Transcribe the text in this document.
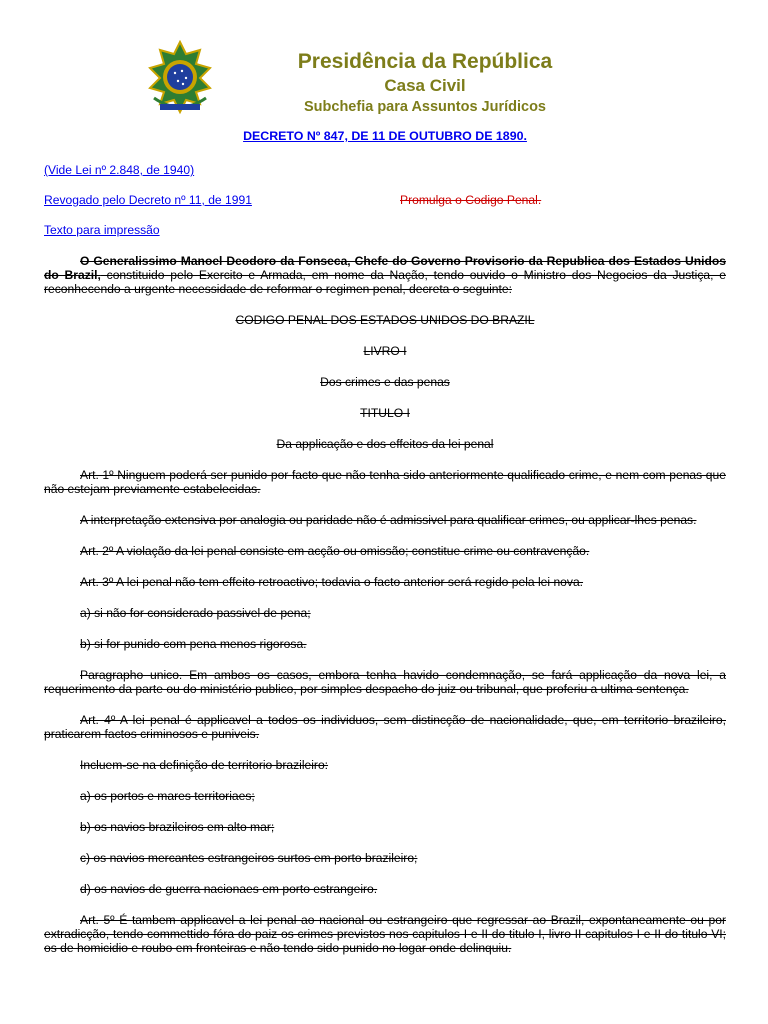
Presidência da República
Casa Civil
Subchefia para Assuntos Jurídicos
DECRETO Nº 847, DE 11 DE OUTUBRO DE 1890.
(Vide Lei nº 2.848, de 1940)
Revogado pelo Decreto nº 11, de 1991	Promulga o Codigo Penal.
Texto para impressão

O Generalissimo Manoel Deodoro da Fonseca, Chefe do Governo Provisorio da Republica dos Estados Unidos do Brazil, constituido pelo Exercito e Armada, em nome da Nação, tendo ouvido o Ministro dos Negocios da Justiça, e reconhecendo a urgente necessidade de reformar o regimen penal, decreta o seguinte:

CODIGO PENAL DOS ESTADOS UNIDOS DO BRAZIL

LIVRO I

Dos crimes e das penas

TITULO I

Da applicação e dos effeitos da lei penal

Art. 1º Ninguem poderá ser punido por facto que não tenha sido anteriormente qualificado crime, e nem com penas que não estejam previamente estabelecidas.

A interpretação extensiva por analogia ou paridade não é admissivel para qualificar crimes, ou applicar-lhes penas.

Art. 2º A violação da lei penal consiste em acção ou omissão; constitue crime ou contravenção.

Art. 3º A lei penal não tem effeito retroactivo; todavia o facto anterior será regido pela lei nova.

a) si não for considerado passivel de pena;

b) si for punido com pena menos rigorosa.

Paragrapho unico. Em ambos os casos, embora tenha havido condemnação, se fará applicação da nova lei, a requerimento da parte ou do ministério publico, por simples despacho do juiz ou tribunal, que proferiu a ultima sentença.

Art. 4º A lei penal é applicavel a todos os individuos, sem distincção de nacionalidade, que, em territorio brazileiro, praticarem factos criminosos e puniveis.

Incluem-se na definição de territorio brazileiro:

a) os portos e mares territoriaes;

b) os navios brazileiros em alto mar;

c) os navios mercantes estrangeiros surtos em porto brazileiro;

d) os navios de guerra nacionaes em porto estrangeiro.

Art. 5º É tambem applicavel a lei penal ao nacional ou estrangeiro que regressar ao Brazil, expontaneamente ou por extradicção, tendo commettido fóra do paiz os crimes previstos nos capitulos I e II do titulo I, livro II capitulos I e II do titulo VI; os de homicidio e roubo em fronteiras e não tendo sido punido no logar onde delinquiu.
